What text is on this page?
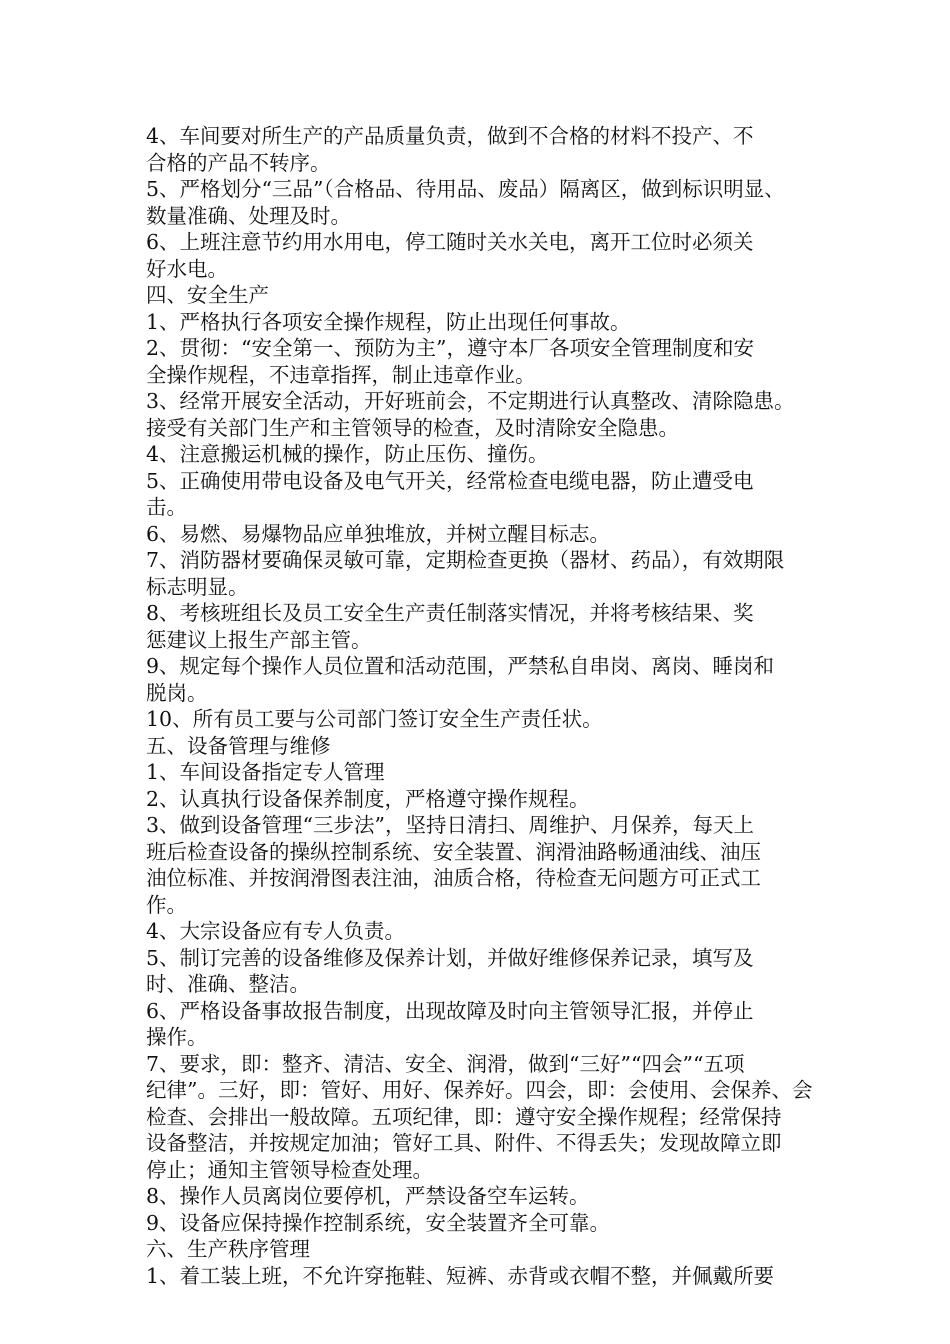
4、车间要对所生产的产品质量负责，做到不合格的材料不投产、不
合格的产品不转序。
5、严格划分“三品”（合格品、待用品、废品）隔离区，做到标识明显、
数量准确、处理及时。
6、上班注意节约用水用电，停工随时关水关电，离开工位时必须关
好水电。
四、安全生产
1、严格执行各项安全操作规程，防止出现任何事故。
2、贯彻：“安全第一、预防为主”，遵守本厂各项安全管理制度和安
全操作规程，不违章指挥，制止违章作业。
3、经常开展安全活动，开好班前会，不定期进行认真整改、清除隐患。
接受有关部门生产和主管领导的检查，及时清除安全隐患。
4、注意搬运机械的操作，防止压伤、撞伤。
5、正确使用带电设备及电气开关，经常检查电缆电器，防止遭受电
击。
6、易燃、易爆物品应单独堆放，并树立醒目标志。
7、消防器材要确保灵敏可靠，定期检查更换（器材、药品），有效期限
标志明显。
8、考核班组长及员工安全生产责任制落实情况，并将考核结果、奖
惩建议上报生产部主管。
9、规定每个操作人员位置和活动范围，严禁私自串岗、离岗、睡岗和
脱岗。
10、所有员工要与公司部门签订安全生产责任状。
五、设备管理与维修
1、车间设备指定专人管理
2、认真执行设备保养制度，严格遵守操作规程。
3、做到设备管理“三步法”，坚持日清扫、周维护、月保养，每天上
班后检查设备的操纵控制系统、安全装置、润滑油路畅通油线、油压
油位标准、并按润滑图表注油，油质合格，待检查无问题方可正式工
作。
4、大宗设备应有专人负责。
5、制订完善的设备维修及保养计划，并做好维修保养记录，填写及
时、准确、整洁。
6、严格设备事故报告制度，出现故障及时向主管领导汇报，并停止
操作。
7、要求，即：整齐、清洁、安全、润滑，做到“三好”“四会”“五项
纪律”。三好，即：管好、用好、保养好。四会，即：会使用、会保养、会
检查、会排出一般故障。五项纪律，即：遵守安全操作规程；经常保持
设备整洁，并按规定加油；管好工具、附件、不得丢失；发现故障立即
停止；通知主管领导检查处理。
8、操作人员离岗位要停机，严禁设备空车运转。
9、设备应保持操作控制系统，安全装置齐全可靠。
六、生产秩序管理
1、着工装上班，不允许穿拖鞋、短裤、赤背或衣帽不整，并佩戴所要
